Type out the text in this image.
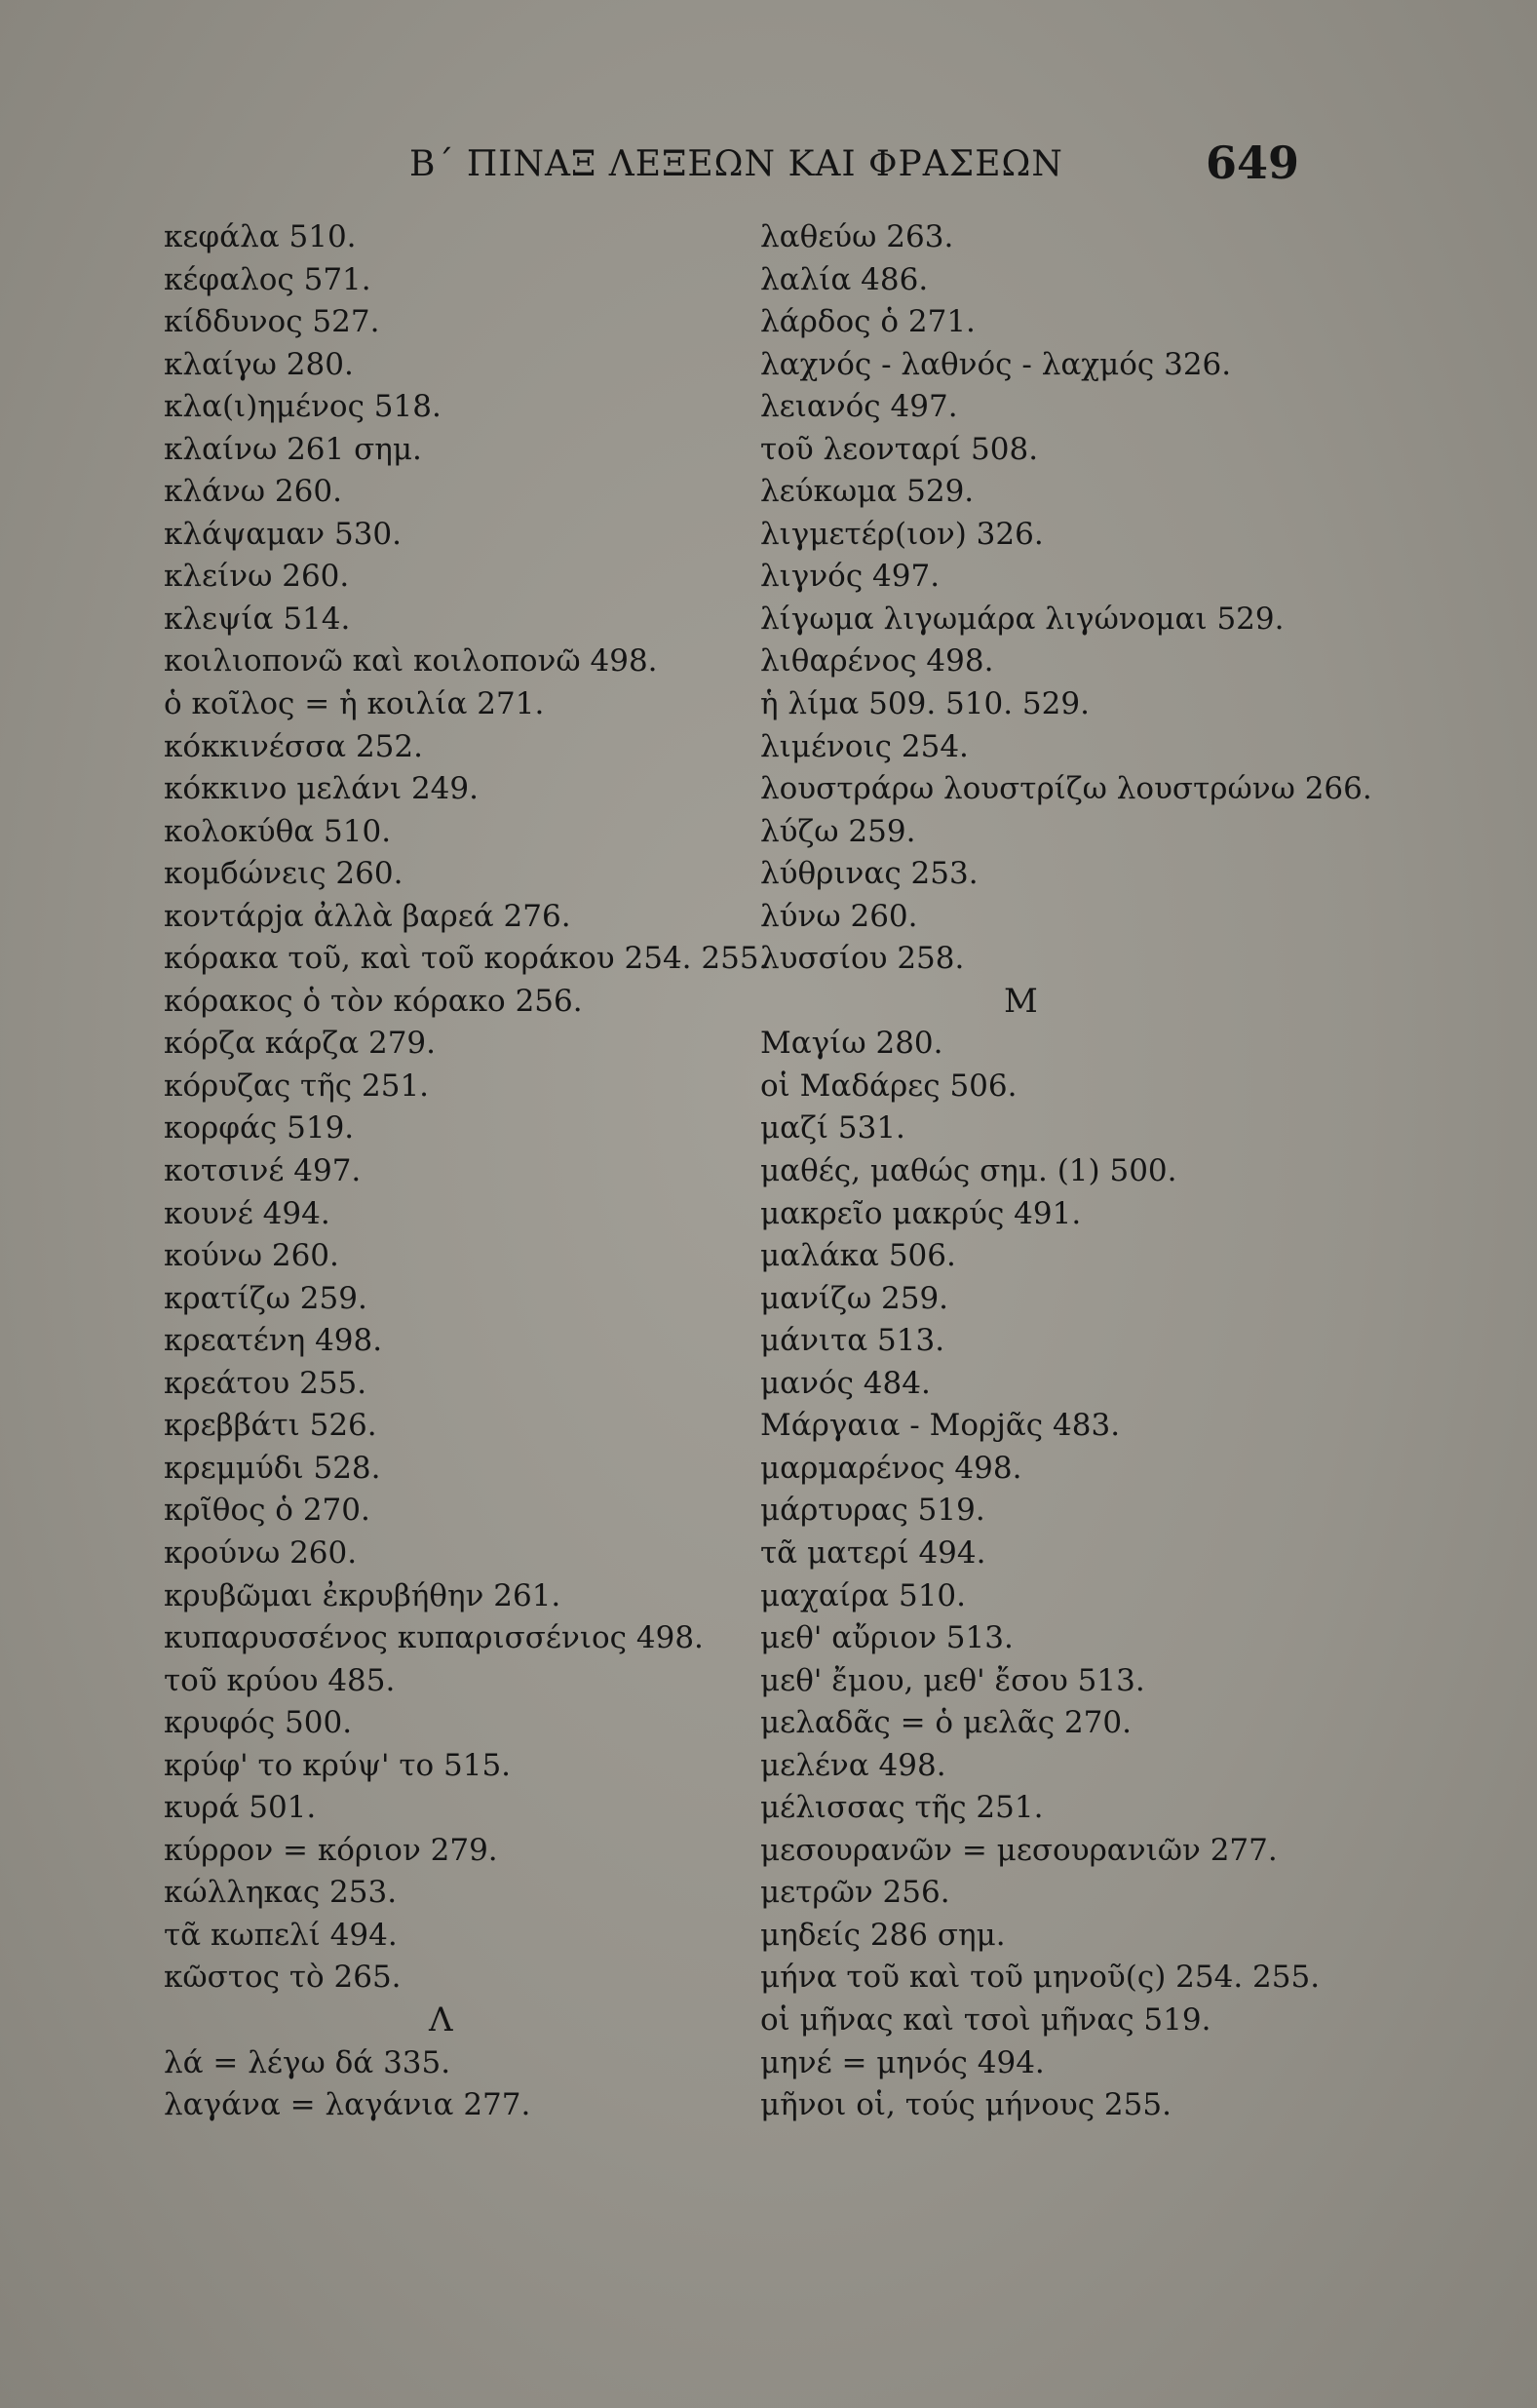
Β΄ ΠΙΝΑΞ ΛΕΞΕΩΝ ΚΑΙ ΦΡΑΣΕΩΝ	649
κεφάλα 510.
κέφαλος 571.
κίδδυνος 527.
κλαίγω 280.
κλα(ι)ημένος 518.
κλαίνω 261 σημ.
κλάνω 260.
κλάψαμαν 530.
κλείνω 260.
κλεψία 514.
κοιλιοπονῶ καὶ κοιλοπονῶ 498.
ὁ κοῖλος = ἡ κοιλία 271.
κόκκινέσσα 252.
κόκκινο μελάνι 249.
κολοκύθα 510.
κομбώνεις 260.
κοντάρjα ἀλλὰ βαρεά 276.
κόρακα τοῦ, καὶ τοῦ κοράκου 254. 255.
κόρακος ὁ τὸν κόρακο 256.
κόρζα κάρζα 279.
κόρυζας τῆς 251.
κορφάς 519.
κοτσινέ 497.
κουνέ 494.
κούνω 260.
κρατίζω 259.
κρεατένη 498.
κρεάτου 255.
κρεββάτι 526.
κρεμμύδι 528.
κρῖθος ὁ 270.
κρούνω 260.
κρυβῶμαι ἐκρυβήθην 261.
κυπαρυσσένος κυπαρισσένιος 498.
τοῦ κρύου 485.
κρυφός 500.
κρύφ' το κρύψ' το 515.
κυρά 501.
κύρρον = κόριον 279.
κώλληκας 253.
τᾶ κωπελί 494.
κῶστος τὸ 265.
Λ
λά = λέγω δά 335.
λαγάνα = λαγάνια 277.
λαθεύω 263.
λαλία 486.
λάρδος ὁ 271.
λαχνός - λαθνός - λαχμός 326.
λειανός 497.
τοῦ λεονταρί 508.
λεύκωμα 529.
λιγμετέρ(ιον) 326.
λιγνός 497.
λίγωμα λιγωμάρα λιγώνομαι 529.
λιθαρένος 498.
ἡ λίμα 509. 510. 529.
λιμένοις 254.
λουστράρω λουστρίζω λουστρώνω 266.
λύζω 259.
λύθρινας 253.
λύνω 260.
λυσσίου 258.
Μ
Μαγίω 280.
οἱ Μαδάρες 506.
μαζί 531.
μαθές, μαθώς σημ. (1) 500.
μακρεῖο μακρύς 491.
μαλάκα 506.
μανίζω 259.
μάνιτα 513.
μανός 484.
Μάργαια - Μορjᾶς 483.
μαρμαρένος 498.
μάρτυρας 519.
τᾶ ματερί 494.
μαχαίρα 510.
μεθ' αὔριον 513.
μεθ' ἔμου, μεθ' ἔσου 513.
μελαδᾶς = ὁ μελᾶς 270.
μελένα 498.
μέλισσας τῆς 251.
μεσουρανῶν = μεσουρανιῶν 277.
μετρῶν 256.
μηδείς 286 σημ.
μήνα τοῦ καὶ τοῦ μηνοῦ(ς) 254. 255.
οἱ μῆνας καὶ τσοὶ μῆνας 519.
μηνέ = μηνός 494.
μῆνοι οἱ, τούς μήνους 255.
